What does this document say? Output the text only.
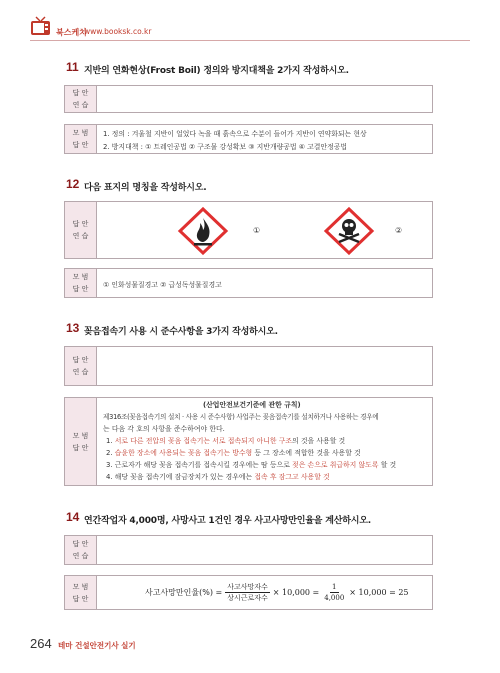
북스케치
www.booksk.co.kr
11 지반의 연화현상(Frost Boil) 정의와 방지대책을 2가지 작성하시오.
답 안
연 습
모 범
답 안
1. 정의 : 겨울철 지반이 얼었다 녹을 때 흙속으로 수분이 들어가 지반이 연약화되는 현상
2. 방지대책 : ① 트레인공법 ② 구조물 강성확보 ③ 지반개량공법 ④ 고결안정공법
12 다음 표지의 명칭을 작성하시오.
답 안
연 습
①	②
모 범
답 안 ① 인화성물질경고 ② 급성독성물질경고
13 꽂음접속기 사용 시 준수사항을 3가지 작성하시오.
답 안
연 습
모 범
답 안
(산업안전보건기준에 관한 규칙)
제316조(꽂음접속기의 설치 · 사용 시 준수사항) 사업주는 꽂음접속기를 설치하거나 사용하는 경우에
는 다음 각 호의 사항을 준수하여야 한다.
1. 서로 다른 전압의 꽂음 접속기는 서로 접속되지 아니한 구조의 것을 사용할 것
2. 습윤한 장소에 사용되는 꽂음 접속기는 방수형 등 그 장소에 적합한 것을 사용할 것
3. 근로자가 해당 꽂음 접속기를 접속시킬 경우에는 땀 등으로 젖은 손으로 취급하지 않도록 할 것
4. 해당 꽂음 접속기에 잠금장치가 있는 경우에는 접속 후 잠그고 사용할 것
14 연간작업자 4,000명, 사망사고 1건인 경우 사고사망만인율을 계산하시오.
답 안
연 습
모 범
답 안
사고사망만인율(%) = $\frac{\text{사고사망자수}}{\text{상시근로자수}} \times 10,000 = \frac{1}{4,000} \times 10,000 = 25$
264 테마 건설안전기사 실기
